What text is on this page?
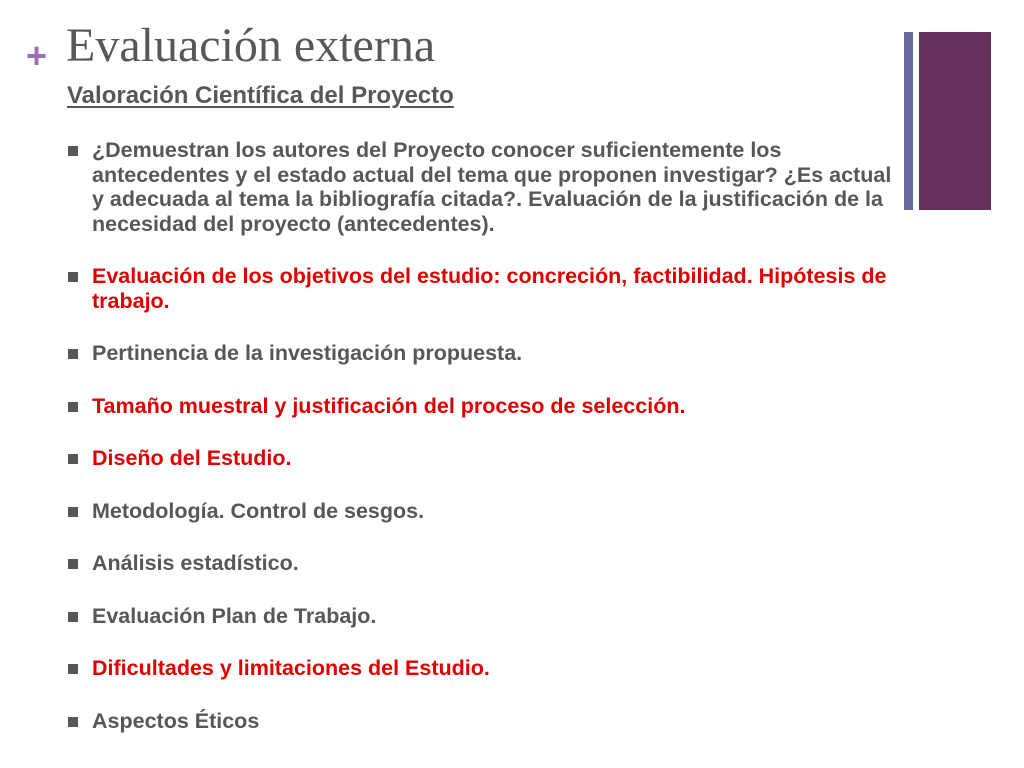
+ Evaluación externa
Valoración Científica del Proyecto
¿Demuestran los autores del Proyecto conocer suficientemente los antecedentes y el estado actual del tema que proponen investigar? ¿Es actual y adecuada al tema la bibliografía citada?. Evaluación de la justificación de la necesidad del proyecto (antecedentes).
Evaluación de los objetivos del estudio: concreción, factibilidad. Hipótesis de trabajo.
Pertinencia de la investigación propuesta.
Tamaño muestral y justificación del proceso de selección.
Diseño del Estudio.
Metodología. Control de sesgos.
Análisis estadístico.
Evaluación Plan de Trabajo.
Dificultades y limitaciones del Estudio.
Aspectos Éticos
